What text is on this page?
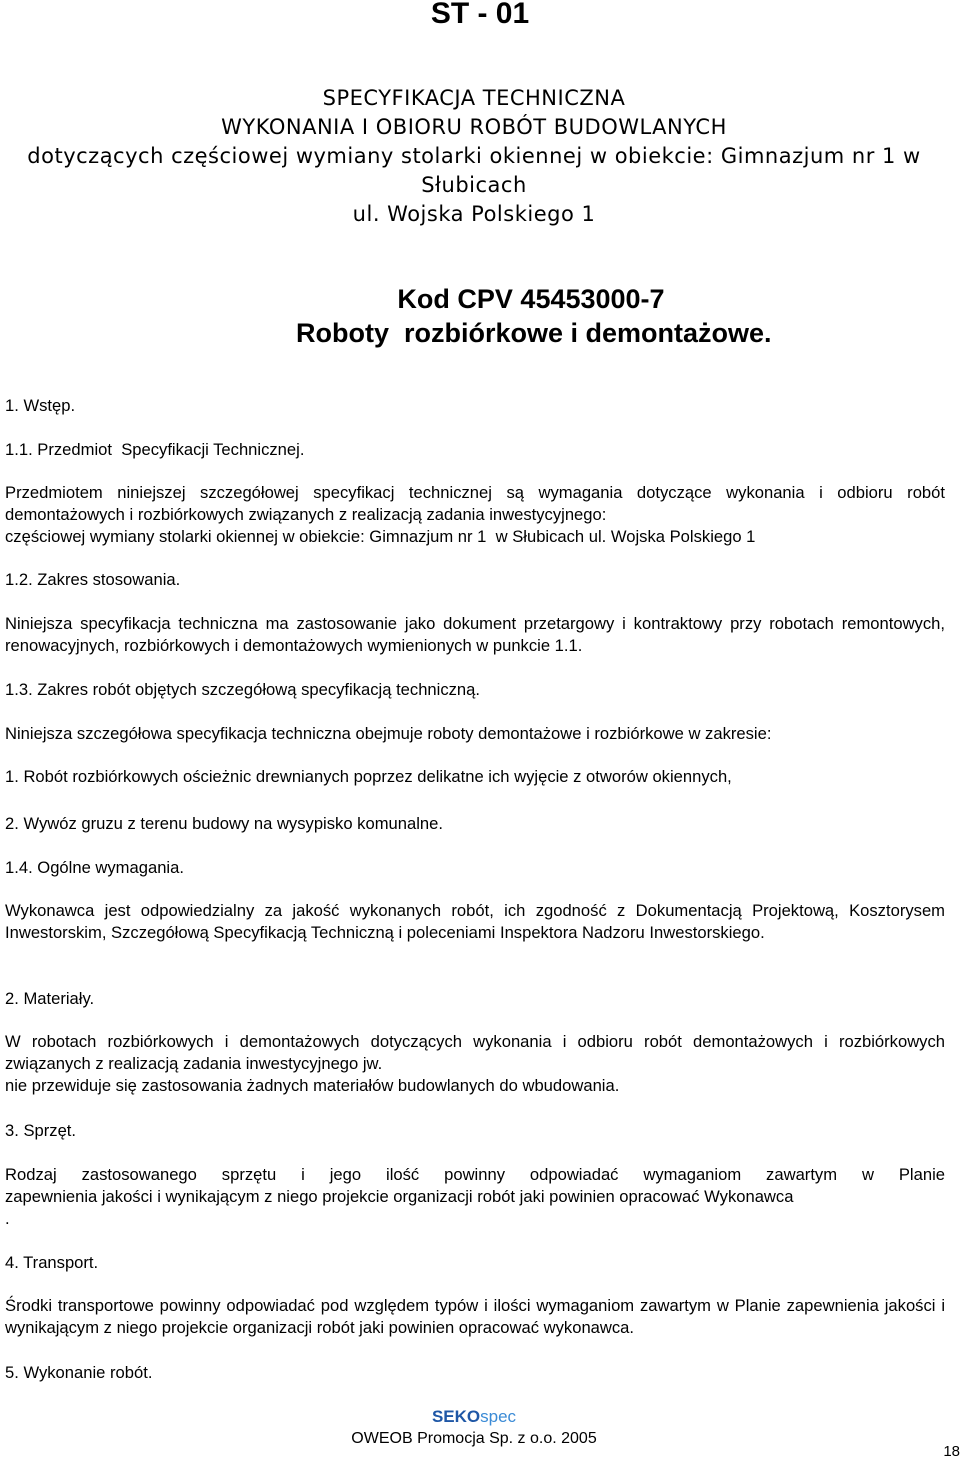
ST - 01
SPECYFIKACJA TECHNICZNA
WYKONANIA I OBIORU ROBÓT BUDOWLANYCH
dotyczących częściowej wymiany stolarki okiennej w obiekcie: Gimnazjum nr 1 w
Słubicach
ul. Wojska Polskiego 1
Kod CPV 45453000-7
Roboty  rozbiórkowe i demontażowe.
1. Wstęp.
1.1. Przedmiot  Specyfikacji Technicznej.
Przedmiotem niniejszej szczegółowej specyfikacj technicznej są wymagania dotyczące wykonania i odbioru robót demontażowych i rozbiórkowych związanych z realizacją zadania inwestycyjnego:
częściowej wymiany stolarki okiennej w obiekcie: Gimnazjum nr 1  w Słubicach ul. Wojska Polskiego 1
1.2. Zakres stosowania.
Niniejsza specyfikacja techniczna ma zastosowanie jako dokument przetargowy i kontraktowy przy robotach remontowych, renowacyjnych, rozbiórkowych i demontażowych wymienionych w punkcie 1.1.
1.3. Zakres robót objętych szczegółową specyfikacją techniczną.
Niniejsza szczegółowa specyfikacja techniczna obejmuje roboty demontażowe i rozbiórkowe w zakresie:
1. Robót rozbiórkowych ościeżnic drewnianych poprzez delikatne ich wyjęcie z otworów okiennych,
2. Wywóz gruzu z terenu budowy na wysypisko komunalne.
1.4. Ogólne wymagania.
Wykonawca jest odpowiedzialny za jakość wykonanych robót, ich zgodność z Dokumentacją Projektową, Kosztorysem Inwestorskim, Szczegółową Specyfikacją Techniczną i poleceniami Inspektora Nadzoru Inwestorskiego.
2. Materiały.
W robotach rozbiórkowych i demontażowych dotyczących wykonania i odbioru robót demontażowych i rozbiórkowych związanych z realizacją zadania inwestycyjnego jw.
nie przewiduje się zastosowania żadnych materiałów budowlanych do wbudowania.
3. Sprzęt.
Rodzaj zastosowanego sprzętu i jego ilość powinny odpowiadać wymaganiom zawartym w Planie
zapewnienia jakości i wynikającym z niego projekcie organizacji robót jaki powinien opracować Wykonawca
.
4. Transport.
Środki transportowe powinny odpowiadać pod względem typów i ilości wymaganiom zawartym w Planie zapewnienia jakości i wynikającym z niego projekcie organizacji robót jaki powinien opracować wykonawca.
5. Wykonanie robót.
SEKOspec
OWEOB Promocja Sp. z o.o. 2005
18
